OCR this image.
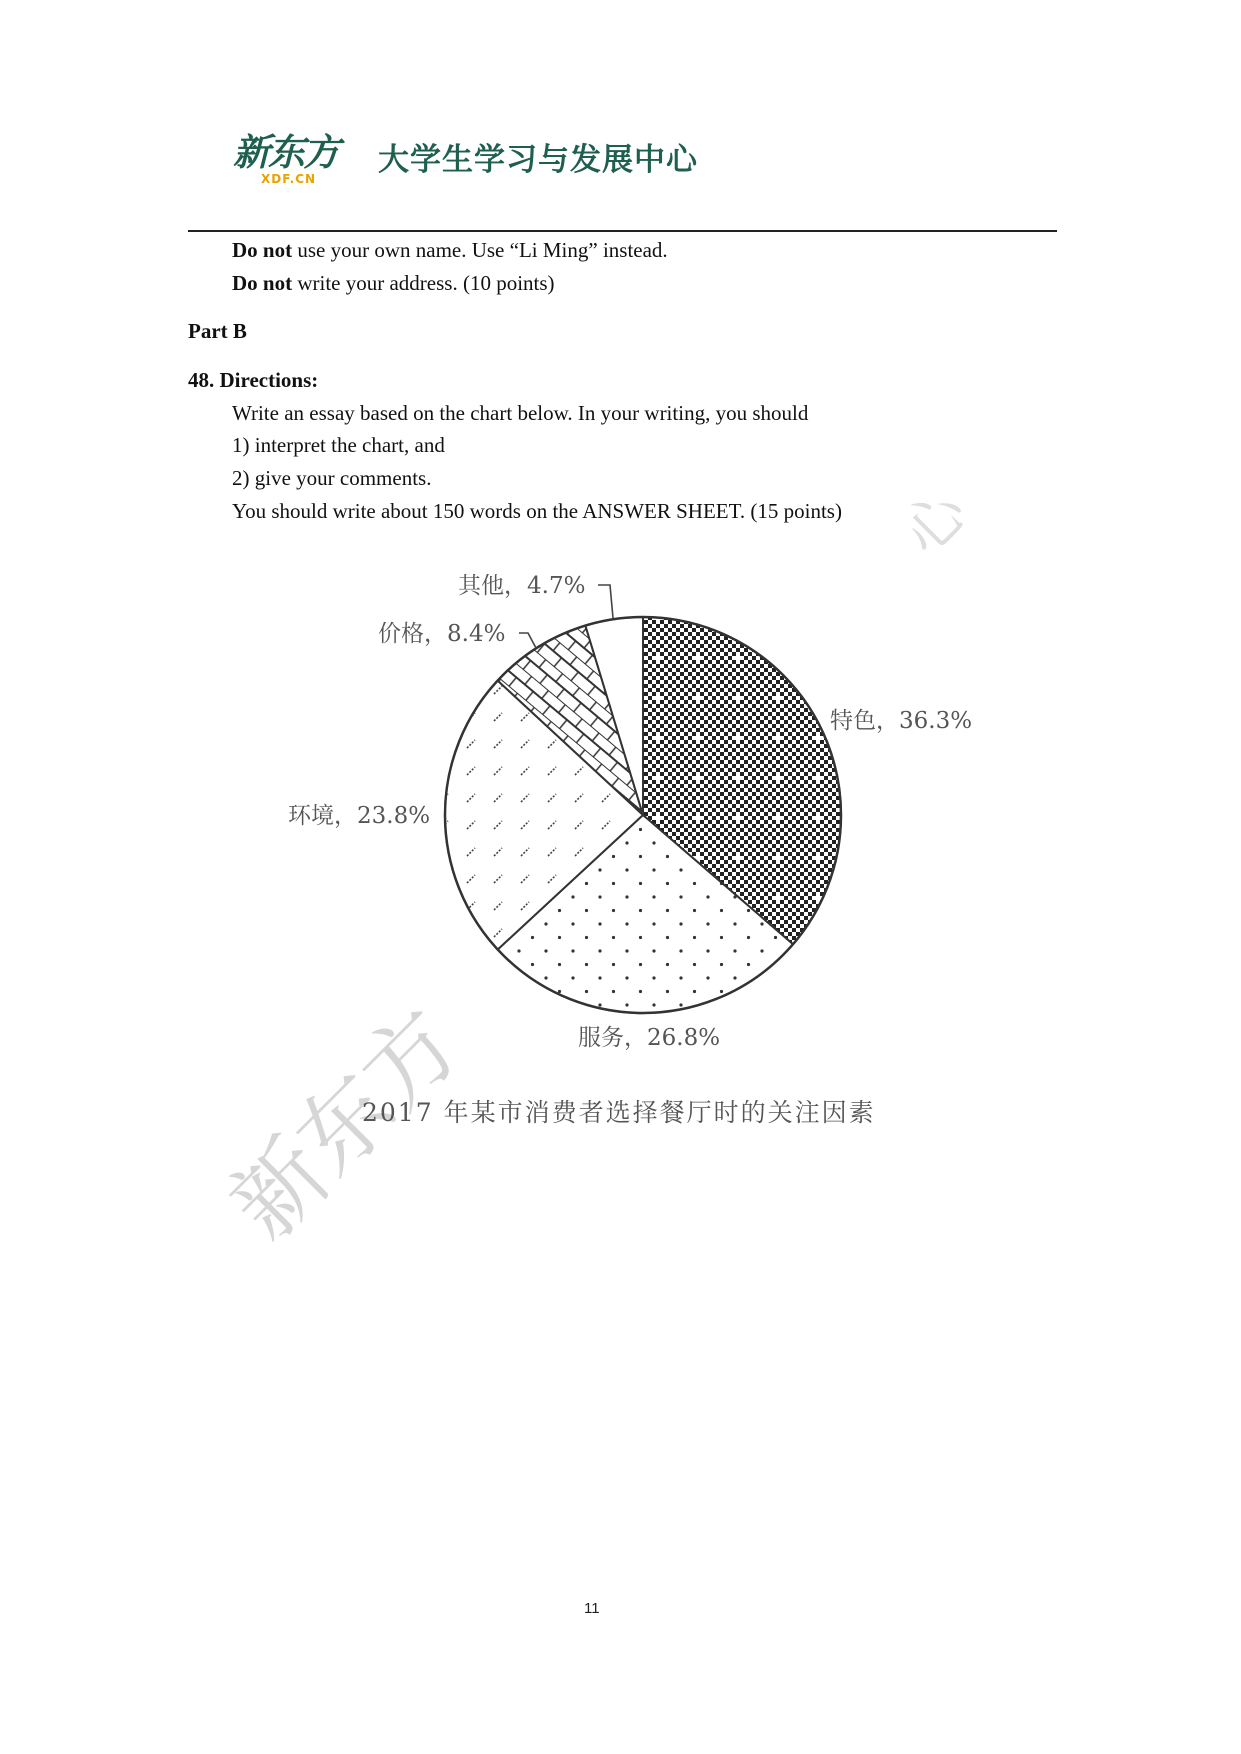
新东方
XDF.CN
大学生学习与发展中心
新东方
心
Do not use your own name. Use “Li Ming” instead.
Do not write your address. (10 points)
Part B
48. Directions:
Write an essay based on the chart below. In your writing, you should
1) interpret the chart, and
2) give your comments.
You should write about 150 words on the ANSWER SHEET. (15 points)
其他，4.7%
价格，8.4%
特色，36.3%
环境，23.8%
服务，26.8%
2017 年某市消费者选择餐厅时的关注因素
11
